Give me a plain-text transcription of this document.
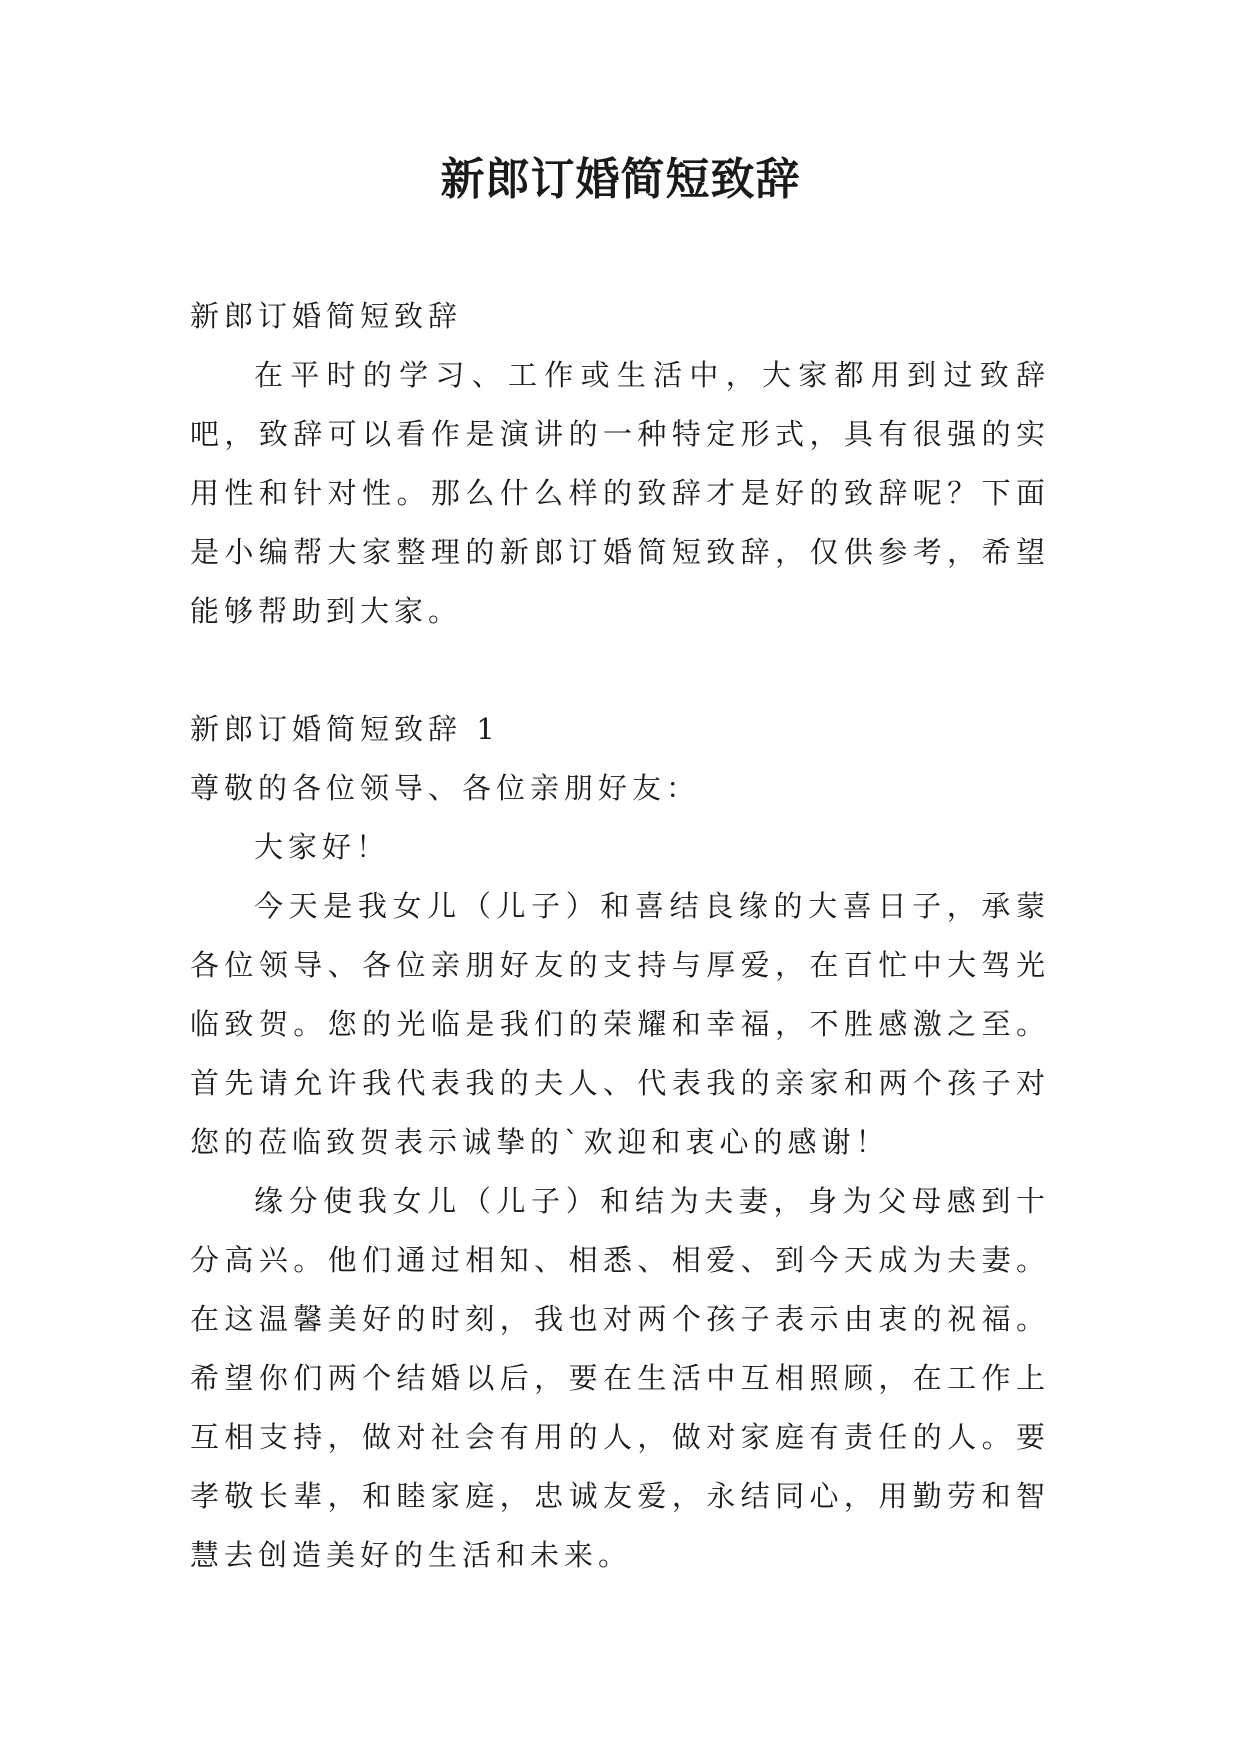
新郎订婚简短致辞

新郎订婚简短致辞

在平时的学习、工作或生活中，大家都用到过致辞吧，致辞可以看作是演讲的一种特定形式，具有很强的实用性和针对性。那么什么样的致辞才是好的致辞呢？下面是小编帮大家整理的新郎订婚简短致辞，仅供参考，希望能够帮助到大家。

新郎订婚简短致辞 1

尊敬的各位领导、各位亲朋好友：

大家好！

今天是我女儿（儿子）和喜结良缘的大喜日子，承蒙各位领导、各位亲朋好友的支持与厚爱，在百忙中大驾光临致贺。您的光临是我们的荣耀和幸福，不胜感激之至。首先请允许我代表我的夫人、代表我的亲家和两个孩子对您的莅临致贺表示诚挚的`欢迎和衷心的感谢！

缘分使我女儿（儿子）和结为夫妻，身为父母感到十分高兴。他们通过相知、相悉、相爱、到今天成为夫妻。在这温馨美好的时刻，我也对两个孩子表示由衷的祝福。希望你们两个结婚以后，要在生活中互相照顾，在工作上互相支持，做对社会有用的人，做对家庭有责任的人。要孝敬长辈，和睦家庭，忠诚友爱，永结同心，用勤劳和智慧去创造美好的生活和未来。
